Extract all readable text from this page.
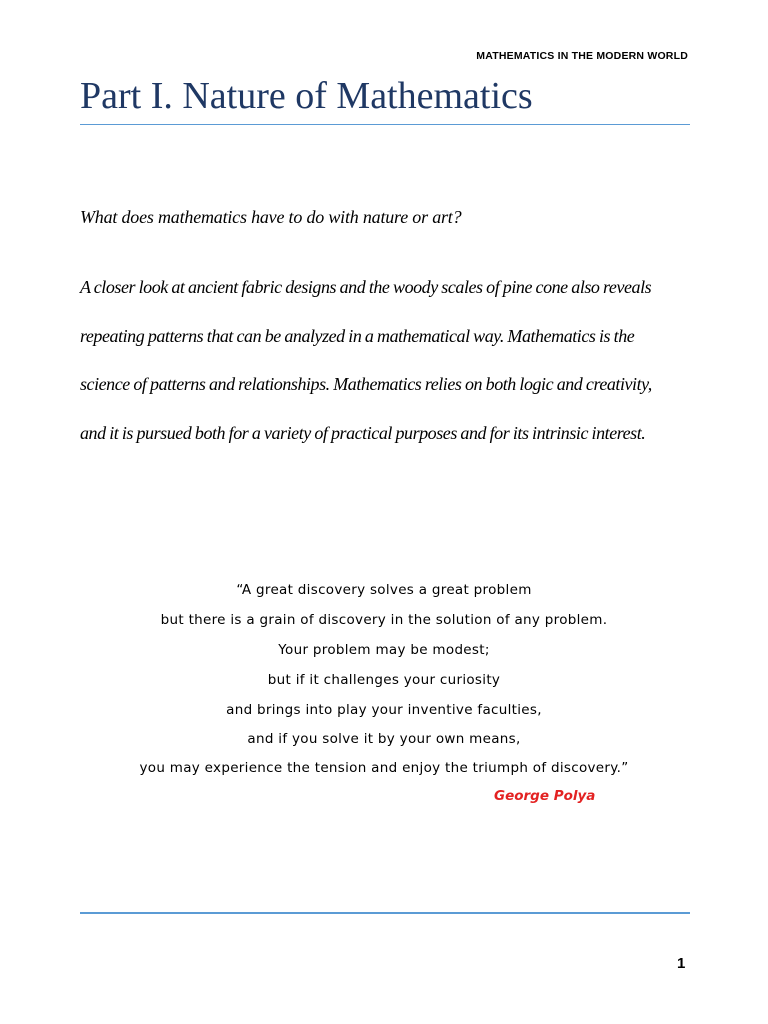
MATHEMATICS IN THE MODERN WORLD
Part I. Nature of Mathematics

What does mathematics have to do with nature or art?

A closer look at ancient fabric designs and the woody scales of pine cone also reveals
repeating patterns that can be analyzed in a mathematical way. Mathematics is the
science of patterns and relationships. Mathematics relies on both logic and creativity,
and it is pursued both for a variety of practical purposes and for its intrinsic interest.

“A great discovery solves a great problem
but there is a grain of discovery in the solution of any problem.
Your problem may be modest;
but if it challenges your curiosity
and brings into play your inventive faculties,
and if you solve it by your own means,
you may experience the tension and enjoy the triumph of discovery.”
George Polya
1
